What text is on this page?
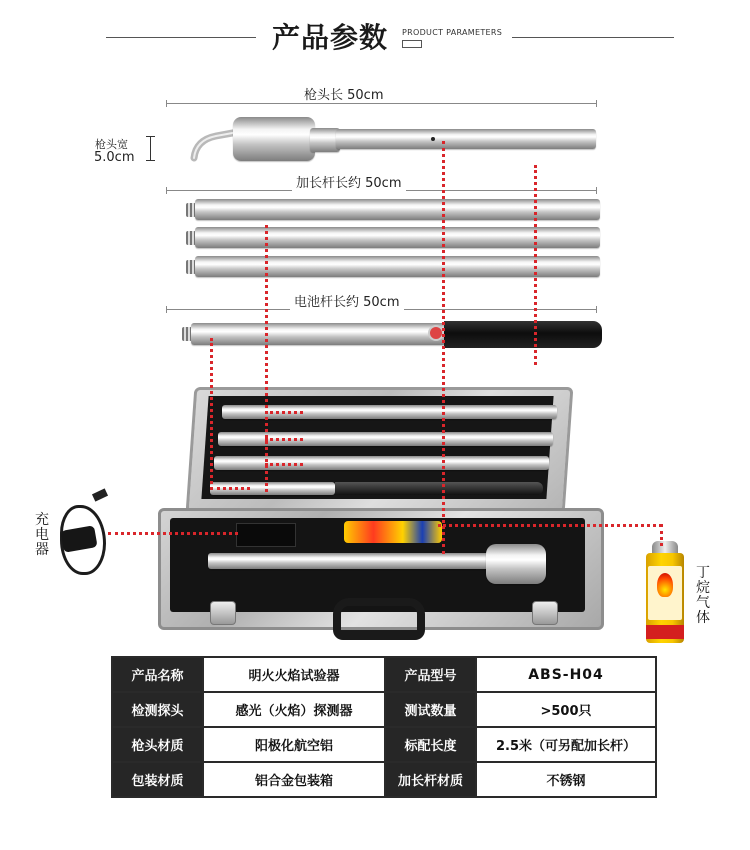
产品参数 PRODUCT PARAMETERS
枪头长 50cm
枪头宽
5.0cm
加长杆长约 50cm
电池杆长约 50cm
充电器
丁烷气体
产品名称	明火火焰试验器	产品型号	ABS-H04
检测探头	感光（火焰）探测器	测试数量	>500只
枪头材质	阳极化航空铝	标配长度	2.5米（可另配加长杆）
包装材质	铝合金包装箱	加长杆材质	不锈钢
